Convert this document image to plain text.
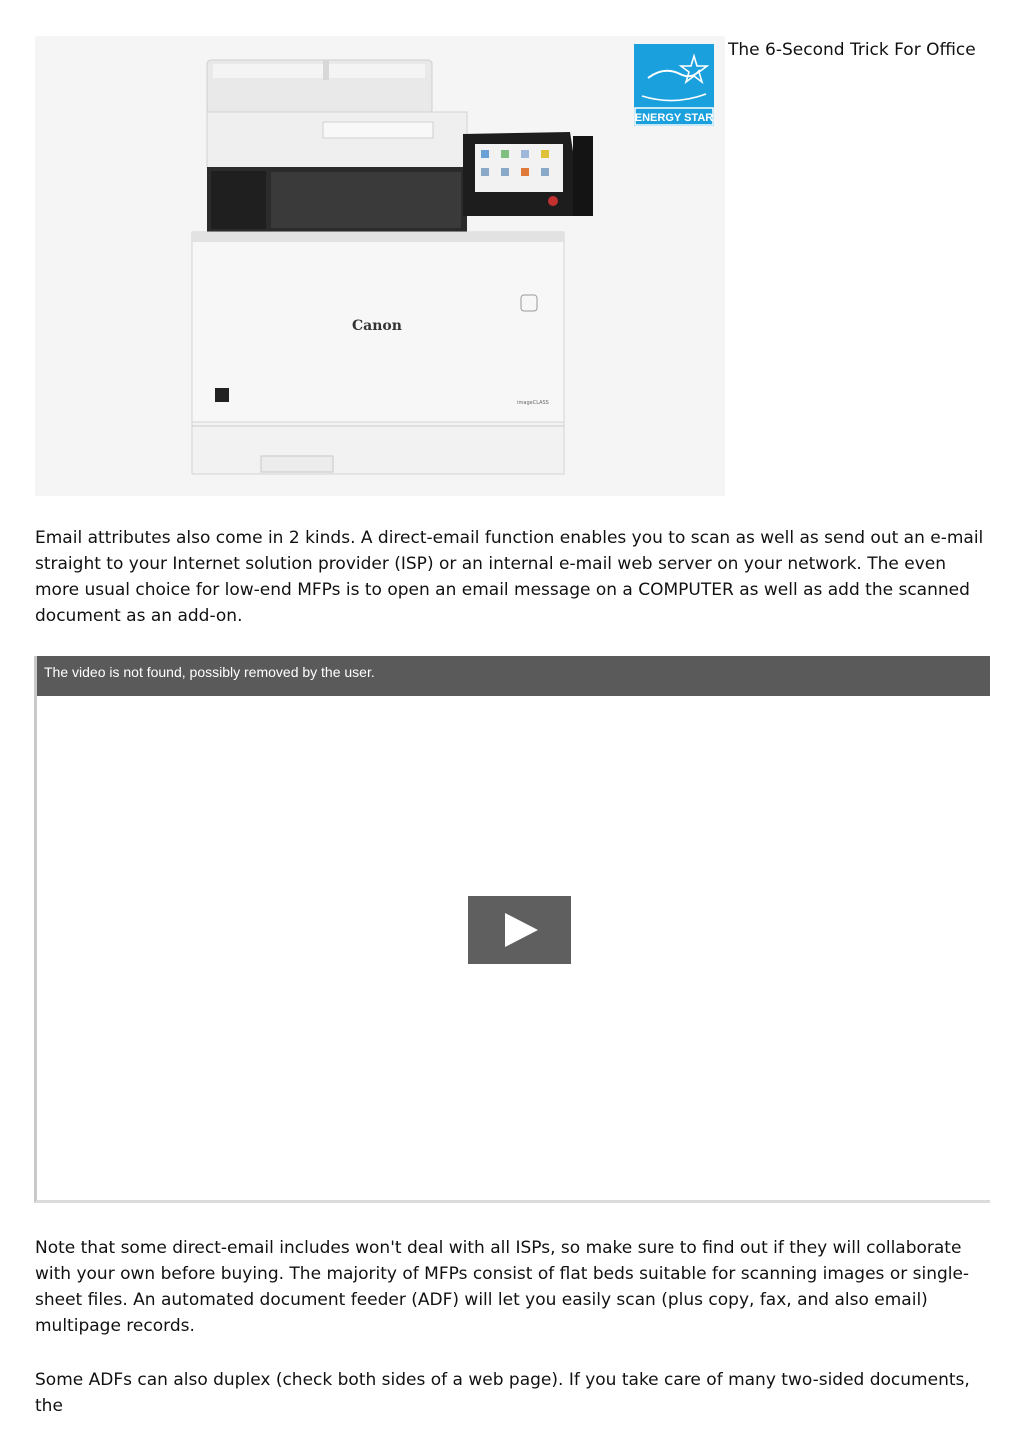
Canon
imageCLASS
ENERGY STAR
The 6-Second Trick For Office

Email attributes also come in 2 kinds. A direct-email function enables you to scan as well as send out an e-mail straight to your Internet solution provider (ISP) or an internal e-mail web server on your network. The even more usual choice for low-end MFPs is to open an email message on a COMPUTER as well as add the scanned document as an add-on.

The video is not found, possibly removed by the user.

Note that some direct-email includes won't deal with all ISPs, so make sure to find out if they will collaborate with your own before buying. The majority of MFPs consist of flat beds suitable for scanning images or single-sheet files. An automated document feeder (ADF) will let you easily scan (plus copy, fax, and also email) multipage records.

Some ADFs can also duplex (check both sides of a web page). If you take care of many two-sided documents, the
